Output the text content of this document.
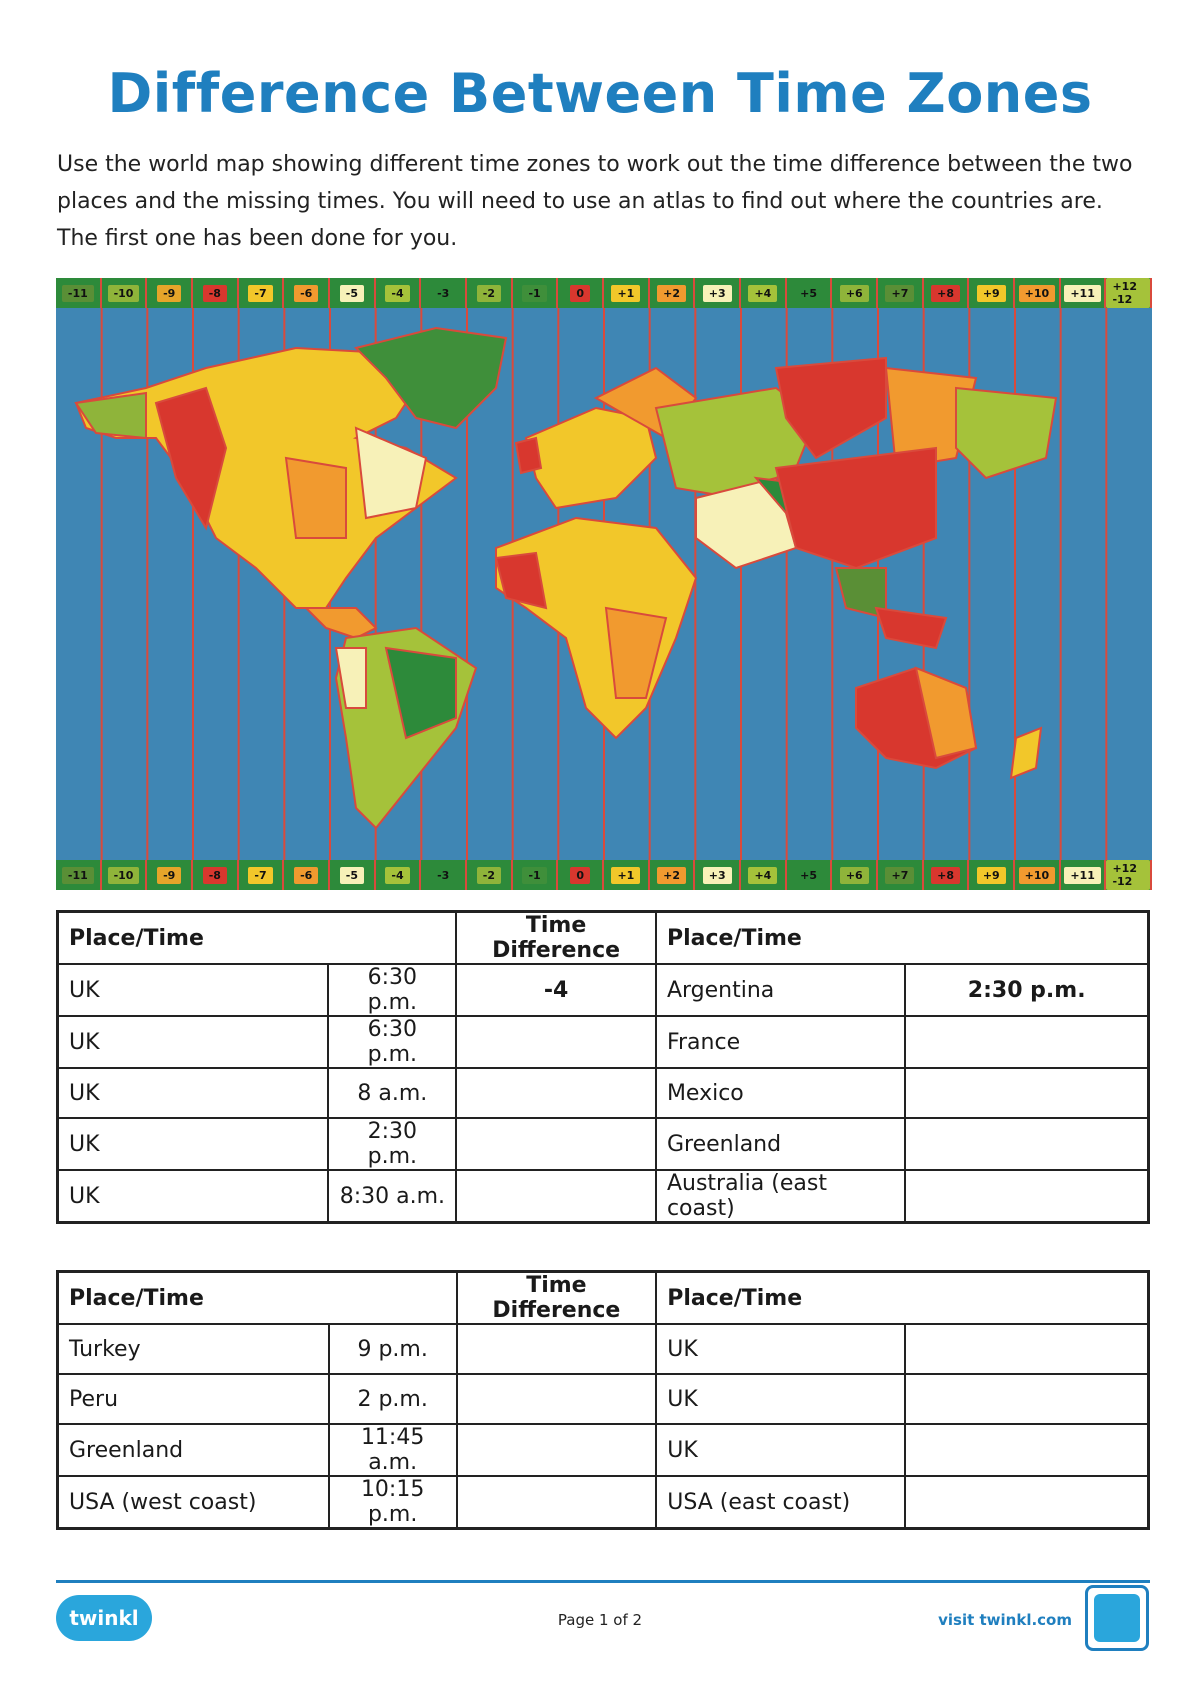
Difference Between Time Zones
Use the world map showing different time zones to work out the time difference between the two places and the missing times. You will need to use an atlas to find out where the countries are. The first one has been done for you.
-11	-10	-9	-8	-7	-6	-5	-4	-3	-2	-1	0	+1	+2	+3	+4	+5	+6	+7	+8	+9	+10	+11	+12 -12
-11	-10	-9	-8	-7	-6	-5	-4	-3	-2	-1	0	+1	+2	+3	+4	+5	+6	+7	+8	+9	+10	+11	+12 -12
Place/Time		Time Difference	Place/Time	
UK	6:30 p.m.	-4	Argentina	2:30 p.m.
UK	6:30 p.m.		France	
UK	8 a.m.		Mexico	
UK	2:30 p.m.		Greenland	
UK	8:30 a.m.		Australia (east coast)	
Place/Time		Time Difference	Place/Time	
Turkey	9 p.m.		UK	
Peru	2 p.m.		UK	
Greenland	11:45 a.m.		UK	
USA (west coast)	10:15 p.m.		USA (east coast)	
twinkl	Page 1 of 2	visit twinkl.com
